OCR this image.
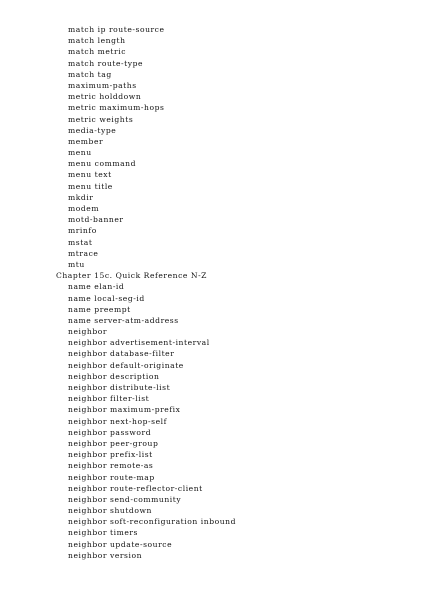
match ip route-source
match length
match metric
match route-type
match tag
maximum-paths
metric holddown
metric maximum-hops
metric weights
media-type
member
menu
menu command
menu text
menu title
mkdir
modem
motd-banner
mrinfo
mstat
mtrace
mtu
Chapter 15c. Quick Reference N-Z
name elan-id
name local-seg-id
name preempt
name server-atm-address
neighbor
neighbor advertisement-interval
neighbor database-filter
neighbor default-originate
neighbor description
neighbor distribute-list
neighbor filter-list
neighbor maximum-prefix
neighbor next-hop-self
neighbor password
neighbor peer-group
neighbor prefix-list
neighbor remote-as
neighbor route-map
neighbor route-reflector-client
neighbor send-community
neighbor shutdown
neighbor soft-reconfiguration inbound
neighbor timers
neighbor update-source
neighbor version
